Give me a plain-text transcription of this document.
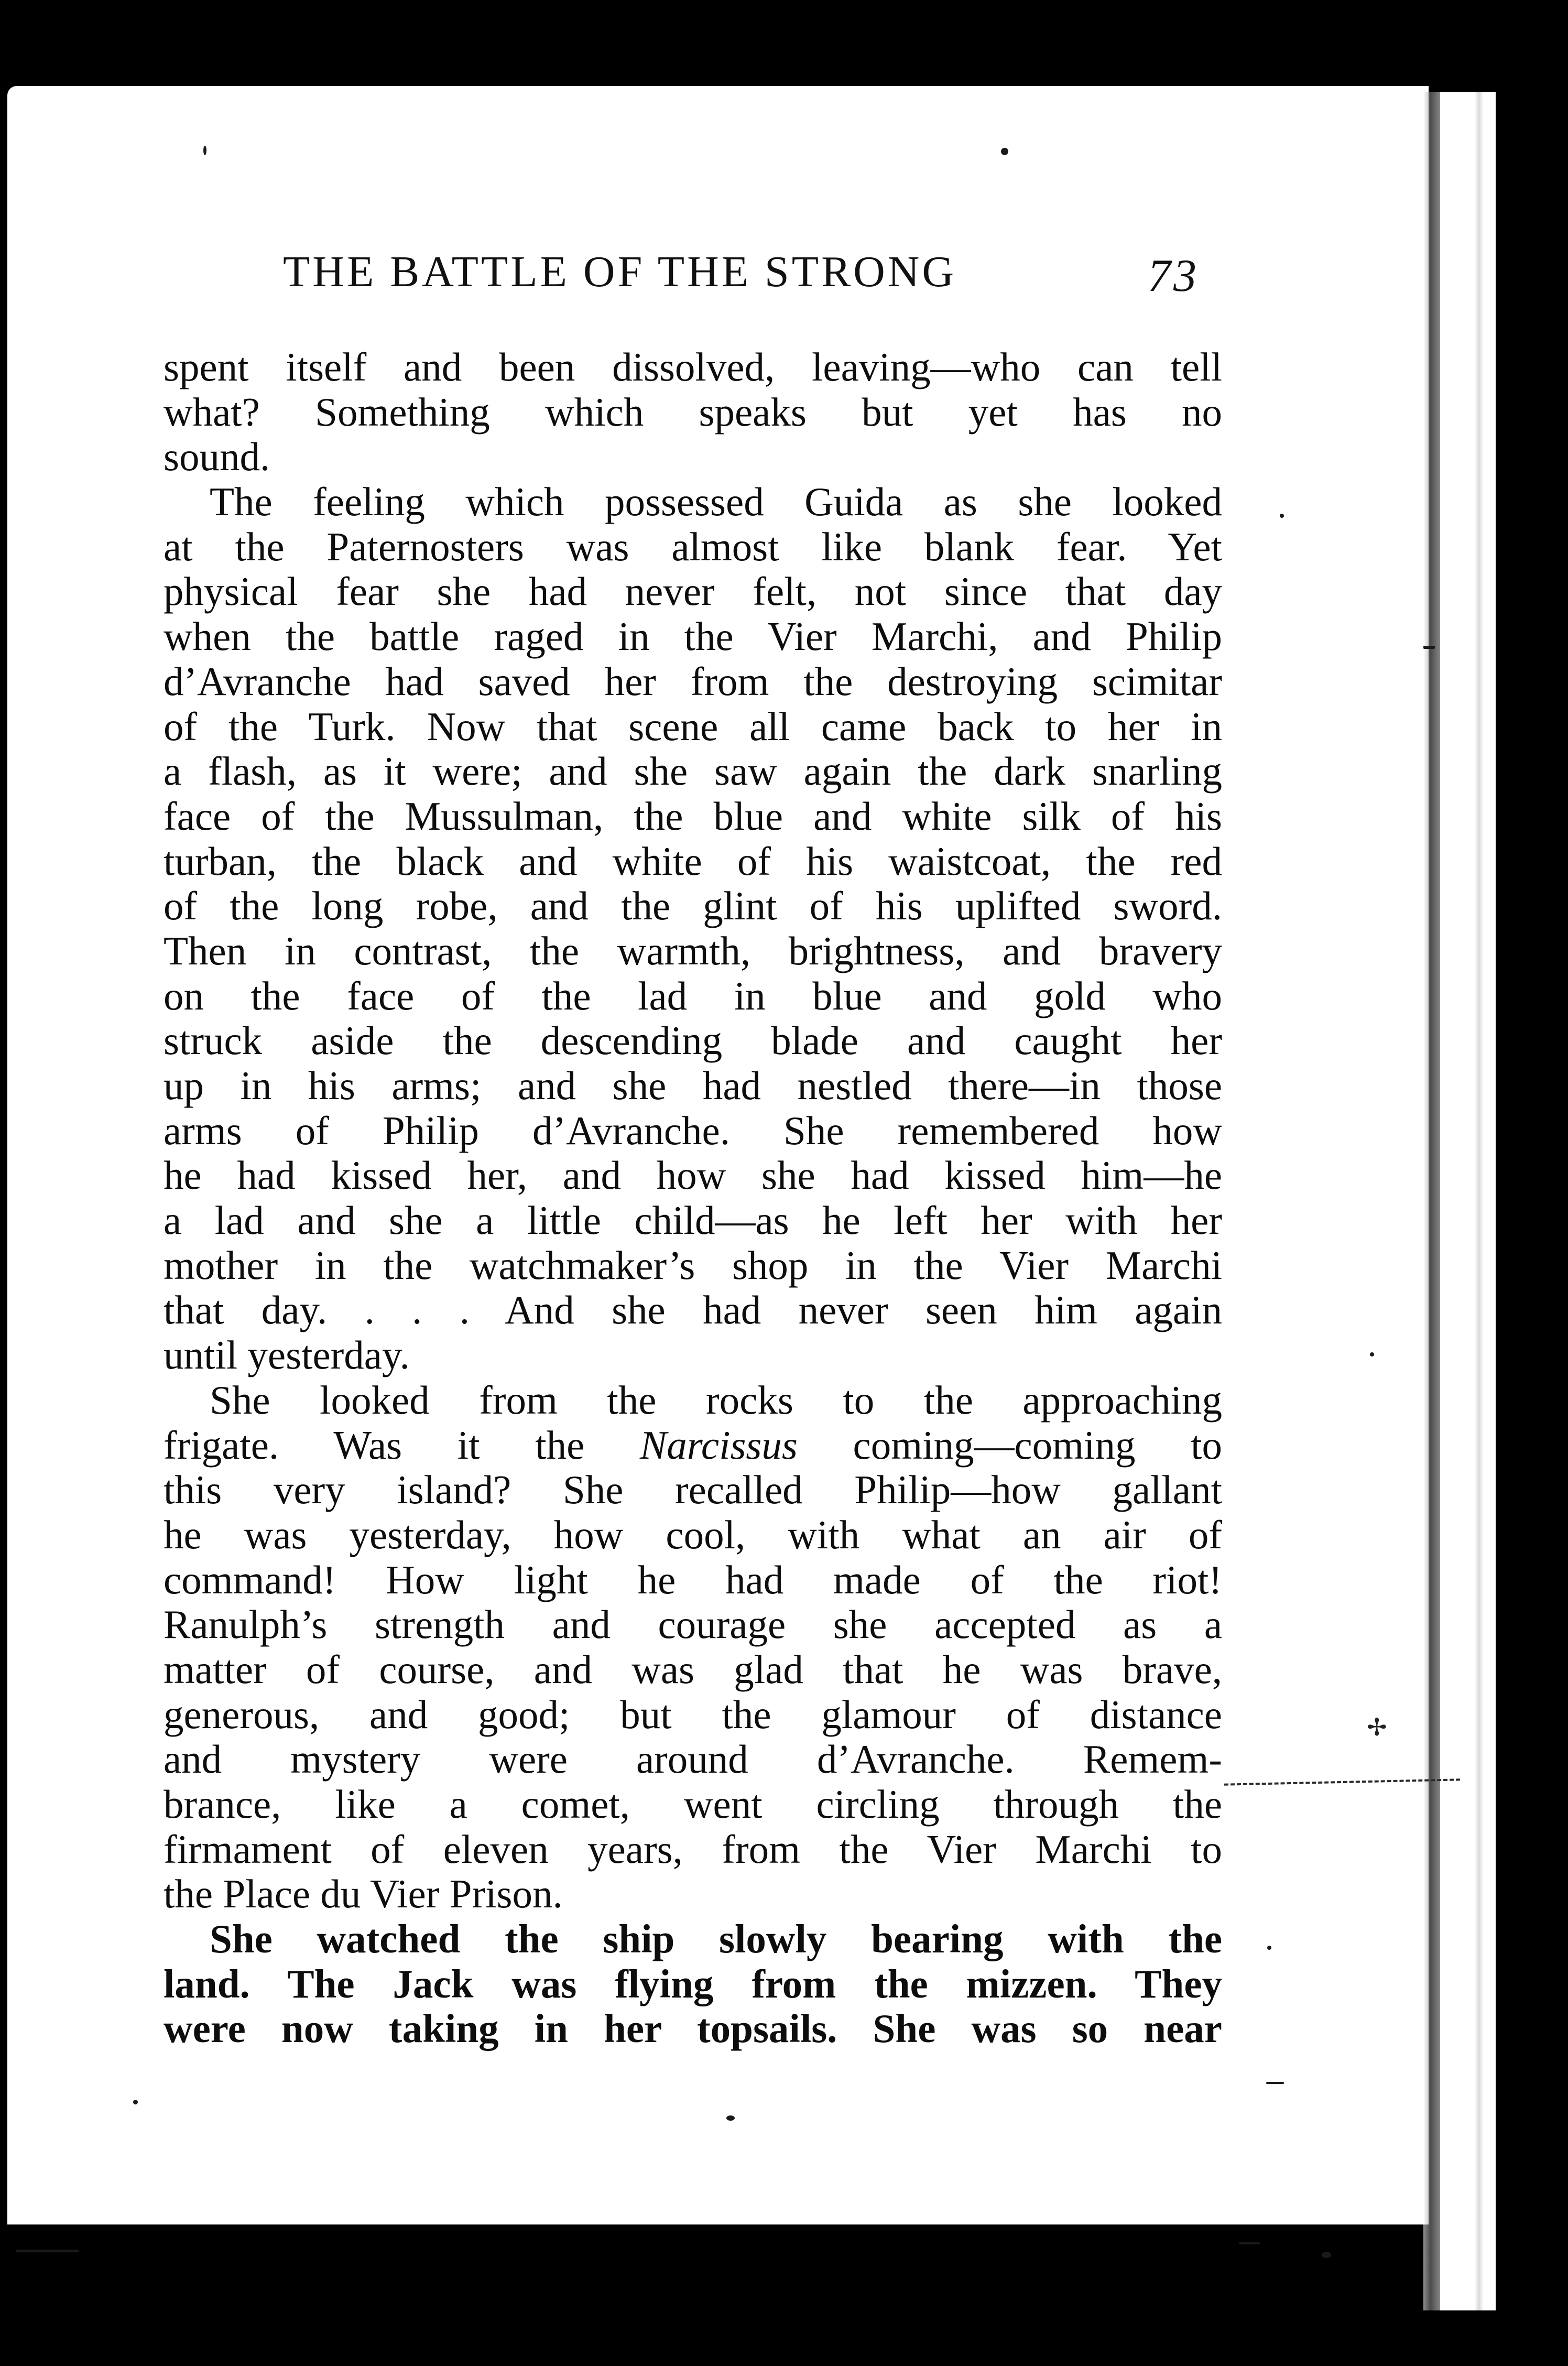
THE BATTLE OF THE STRONG	73
spent itself and been dissolved, leaving—who can tell
what? Something which speaks but yet has no
sound.
The feeling which possessed Guida as she looked
at the Paternosters was almost like blank fear. Yet
physical fear she had never felt, not since that day
when the battle raged in the Vier Marchi, and Philip
d’Avranche had saved her from the destroying scimitar
of the Turk. Now that scene all came back to her in
a flash, as it were; and she saw again the dark snarling
face of the Mussulman, the blue and white silk of his
turban, the black and white of his waistcoat, the red
of the long robe, and the glint of his uplifted sword.
Then in contrast, the warmth, brightness, and bravery
on the face of the lad in blue and gold who
struck aside the descending blade and caught her
up in his arms; and she had nestled there—in those
arms of Philip d’Avranche. She remembered how
he had kissed her, and how she had kissed him—he
a lad and she a little child—as he left her with her
mother in the watchmaker’s shop in the Vier Marchi
that day. . . . And she had never seen him again
until yesterday.
She looked from the rocks to the approaching
frigate. Was it the Narcissus coming—coming to
this very island? She recalled Philip—how gallant
he was yesterday, how cool, with what an air of
command! How light he had made of the riot!
Ranulph’s strength and courage she accepted as a
matter of course, and was glad that he was brave,
generous, and good; but the glamour of distance
and mystery were around d’Avranche. Remem-
brance, like a comet, went circling through the
firmament of eleven years, from the Vier Marchi to
the Place du Vier Prison.
She watched the ship slowly bearing with the
land. The Jack was flying from the mizzen. They
were now taking in her topsails. She was so near
✢
